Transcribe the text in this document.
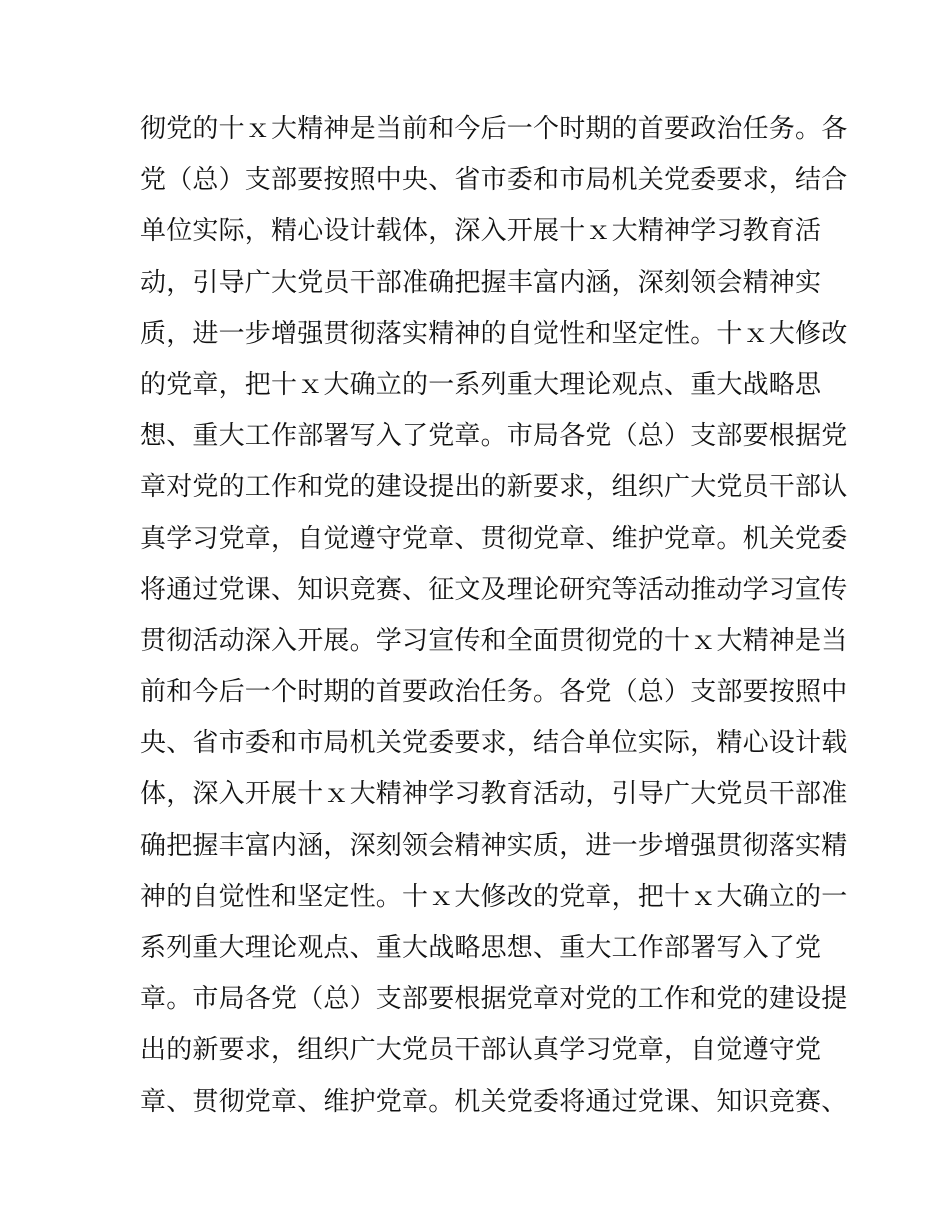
彻党的十ｘ大精神是当前和今后一个时期的首要政治任务。各
党（总）支部要按照中央、省市委和市局机关党委要求，结合
单位实际，精心设计载体，深入开展十ｘ大精神学习教育活
动，引导广大党员干部准确把握丰富内涵，深刻领会精神实
质，进一步增强贯彻落实精神的自觉性和坚定性。十ｘ大修改
的党章，把十ｘ大确立的一系列重大理论观点、重大战略思
想、重大工作部署写入了党章。市局各党（总）支部要根据党
章对党的工作和党的建设提出的新要求，组织广大党员干部认
真学习党章，自觉遵守党章、贯彻党章、维护党章。机关党委
将通过党课、知识竞赛、征文及理论研究等活动推动学习宣传
贯彻活动深入开展。学习宣传和全面贯彻党的十ｘ大精神是当
前和今后一个时期的首要政治任务。各党（总）支部要按照中
央、省市委和市局机关党委要求，结合单位实际，精心设计载
体，深入开展十ｘ大精神学习教育活动，引导广大党员干部准
确把握丰富内涵，深刻领会精神实质，进一步增强贯彻落实精
神的自觉性和坚定性。十ｘ大修改的党章，把十ｘ大确立的一
系列重大理论观点、重大战略思想、重大工作部署写入了党
章。市局各党（总）支部要根据党章对党的工作和党的建设提
出的新要求，组织广大党员干部认真学习党章，自觉遵守党
章、贯彻党章、维护党章。机关党委将通过党课、知识竞赛、
